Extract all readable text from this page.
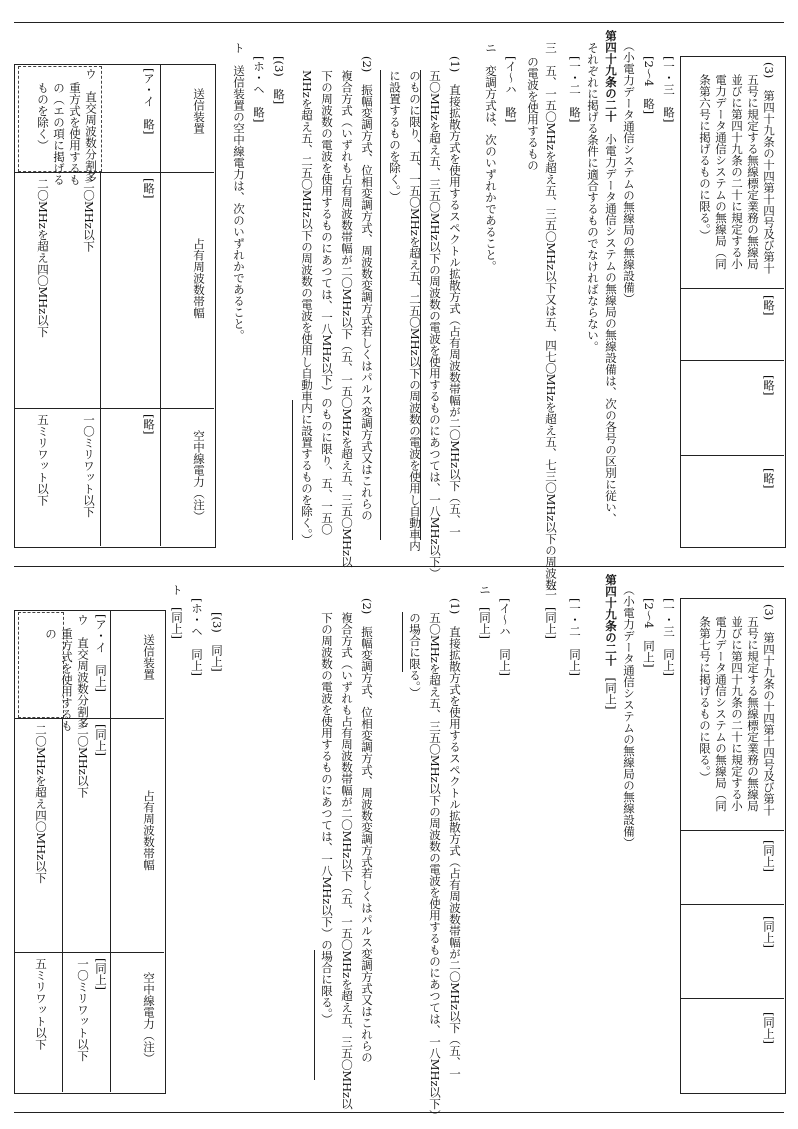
(3)　第四十九条の十四第十四号及び第十
五号に規定する無線標定業務の無線局
並びに第四十九条の二十に規定する小
電力データ通信システムの無線局（同
条第六号に掲げるものに限る。）
[略]
[略]
[略]
[一・三　略]
[2～4　略]
（小電力データ通信システムの無線局の無線設備）
第四十九条の二十　小電力データ通信システムの無線局の無線設備は、次の各号の区別に従い、
それぞれに掲げる条件に適合するものでなければならない。
[一・二　略]
三　五、一五〇MHzを超え五、三五〇MHz以下又は五、四七〇MHzを超え五、七三〇MHz以下の周波数
の電波を使用するもの
[イ～ハ　略]
ニ　変調方式は、次のいずれかであること。
(1)　直接拡散方式を使用するスペクトル拡散方式（占有周波数帯幅が二〇MHz以下（五、一
五〇MHzを超え五、三五〇MHz以下の周波数の電波を使用するものにあつては、一八MHz以下）
のものに限り、五、一五〇MHzを超え五、二五〇MHz以下の周波数の電波を使用し自動車内
に設置するものを除く。）
(2)　振幅変調方式、位相変調方式、周波数変調方式若しくはパルス変調方式又はこれらの
複合方式（いずれも占有周波数帯幅が二〇MHz以下（五、一五〇MHzを超え五、三五〇MHz以
下の周波数の電波を使用するものにあつては、一八MHz以下）のものに限り、五、一五〇
MHzを超え五、二五〇MHz以下の周波数の電波を使用し自動車内に設置するものを除く。）
[(3)　略]
[ホ・ヘ　略]
ト　送信装置の空中線電力は、次のいずれかであること。
送信装置
占有周波数帯幅
空中線電力（注）
[ア・イ　略]
[略]
[略]
ウ　直交周波数分割多
重方式を使用するも
の（エの項に掲げる
ものを除く）
二〇MHz以下
一〇ミリワット以下
二〇MHzを超え四〇MHz以下
五ミリワット以下
(3)　第四十九条の十四第十四号及び第十
五号に規定する無線標定業務の無線局
並びに第四十九条の二十に規定する小
電力データ通信システムの無線局（同
条第七号に掲げるものに限る。）
[同上]
[同上]
[同上]
[一・三　同上]
[2～4　同上]
（小電力データ通信システムの無線局の無線設備）
第四十九条の二十　[同上]
[一・二　同上]
三　[同上]
[イ～ハ　同上]
ニ　[同上]
(1)　直接拡散方式を使用するスペクトル拡散方式（占有周波数帯幅が二〇MHz以下（五、一
五〇MHzを超え五、三五〇MHz以下の周波数の電波を使用するものにあつては、一八MHz以下）
の場合に限る。）
(2)　振幅変調方式、位相変調方式、周波数変調方式若しくはパルス変調方式又はこれらの
複合方式（いずれも占有周波数帯幅が二〇MHz以下（五、一五〇MHzを超え五、三五〇MHz以
下の周波数の電波を使用するものにあつては、一八MHz以下）の場合に限る。）
[(3)　同上]
[ホ・ヘ　同上]
ト　[同上]
送信装置
占有周波数帯幅
空中線電力（注）
[ア・イ　同上]
[同上]
[同上]
ウ　直交周波数分割多
重方式を使用するも
の
二〇MHz以下
一〇ミリワット以下
二〇MHzを超え四〇MHz以下
五ミリワット以下
